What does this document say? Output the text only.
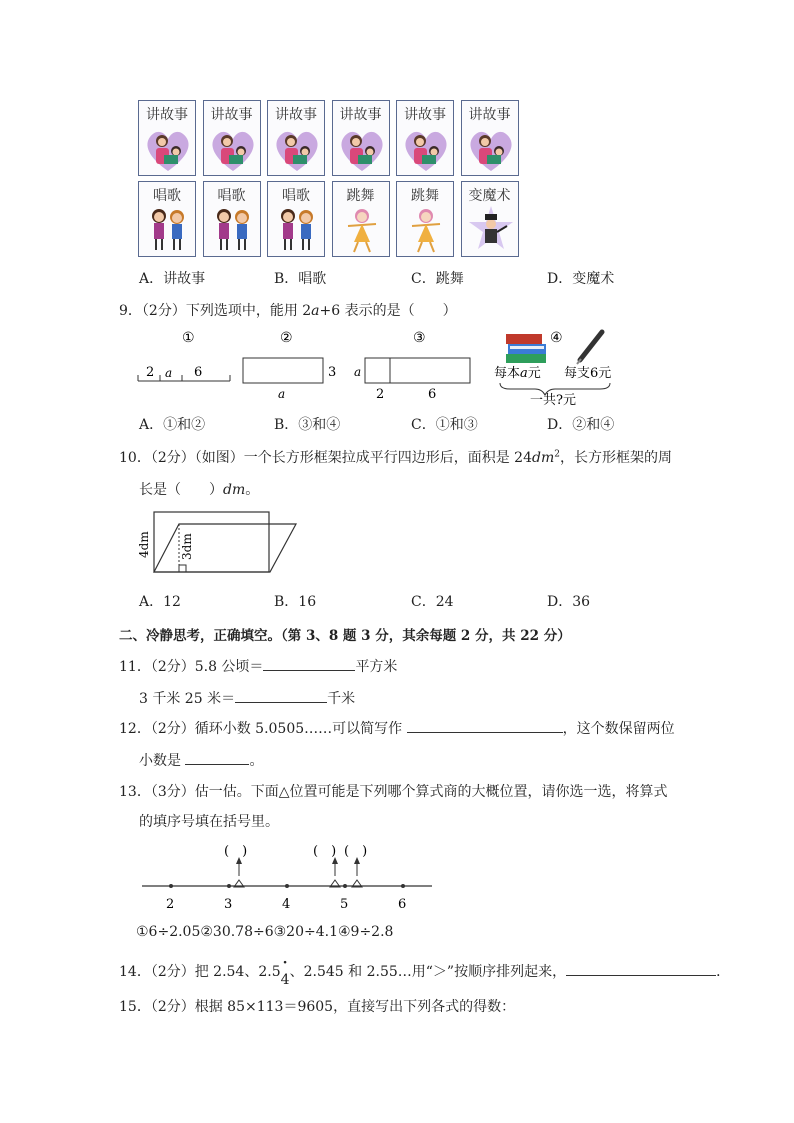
讲故事	讲故事	讲故事	讲故事	讲故事	讲故事
唱歌	唱歌	唱歌	跳舞	跳舞	变魔术
A．讲故事	B．唱歌	C．跳舞	D．变魔术
9．（2分）下列选项中，能用 2a+6 表示的是（　　）
①
2 a 6
②
3
a
③
a
2	6
④
每本a元 每支6元
一共?元
A．①和②	B．③和④	C．①和③	D．②和④
10．（2分）（如图）一个长方形框架拉成平行四边形后，面积是 $24dm^2$，长方形框架的周
长是（　　）dm。
4dm 3dm
A．12	B．16	C．24	D．36
二、冷静思考，正确填空。（第 3、8 题 3 分，其余每题 2 分，共 22 分）
11．（2分）5.8 公顷＝	平方米
3 千米 25 米＝	千米
12．（2分）循环小数 5.0505……可以简写作	，这个数保留两位
小数是	。
13．（3分）估一估。下面△位置可能是下列哪个算式商的大概位置，请你选一选，将算式
的填序号填在括号里。
2	3	4	5	6
(　)	(　) (　)
①6÷2.05②30.78÷6③20÷4.1④9÷2.8
14．（2分）把 2.54、2.5
·
4、2.545 和 2.55…用“＞”按顺序排列起来，	．
15．（2分）根据 85×113＝9605，直接写出下列各式的得数：
